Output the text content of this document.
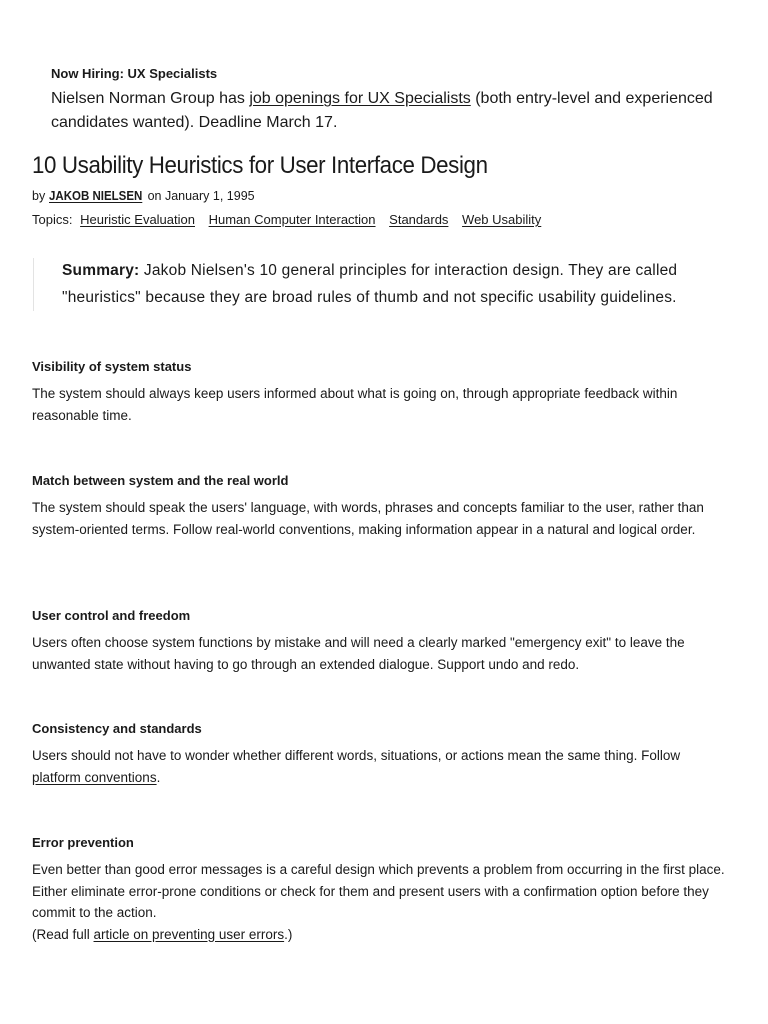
Now Hiring: UX Specialists

Nielsen Norman Group has job openings for UX Specialists (both entry-level and experienced candidates wanted). Deadline March 17.

10 Usability Heuristics for User Interface Design
by JAKOB NIELSEN on January 1, 1995
Topics: Heuristic Evaluation Human Computer Interaction Standards Web Usability
Summary: Jakob Nielsen's 10 general principles for interaction design. They are called "heuristics" because they are broad rules of thumb and not specific usability guidelines.
Visibility of system status

The system should always keep users informed about what is going on, through appropriate feedback within reasonable time.

Match between system and the real world

The system should speak the users' language, with words, phrases and concepts familiar to the user, rather than system-oriented terms. Follow real-world conventions, making information appear in a natural and logical order.

User control and freedom

Users often choose system functions by mistake and will need a clearly marked "emergency exit" to leave the unwanted state without having to go through an extended dialogue. Support undo and redo.

Consistency and standards

Users should not have to wonder whether different words, situations, or actions mean the same thing. Follow platform conventions.

Error prevention

Even better than good error messages is a careful design which prevents a problem from occurring in the first place. Either eliminate error-prone conditions or check for them and present users with a confirmation option before they commit to the action.

(Read full article on preventing user errors.)
